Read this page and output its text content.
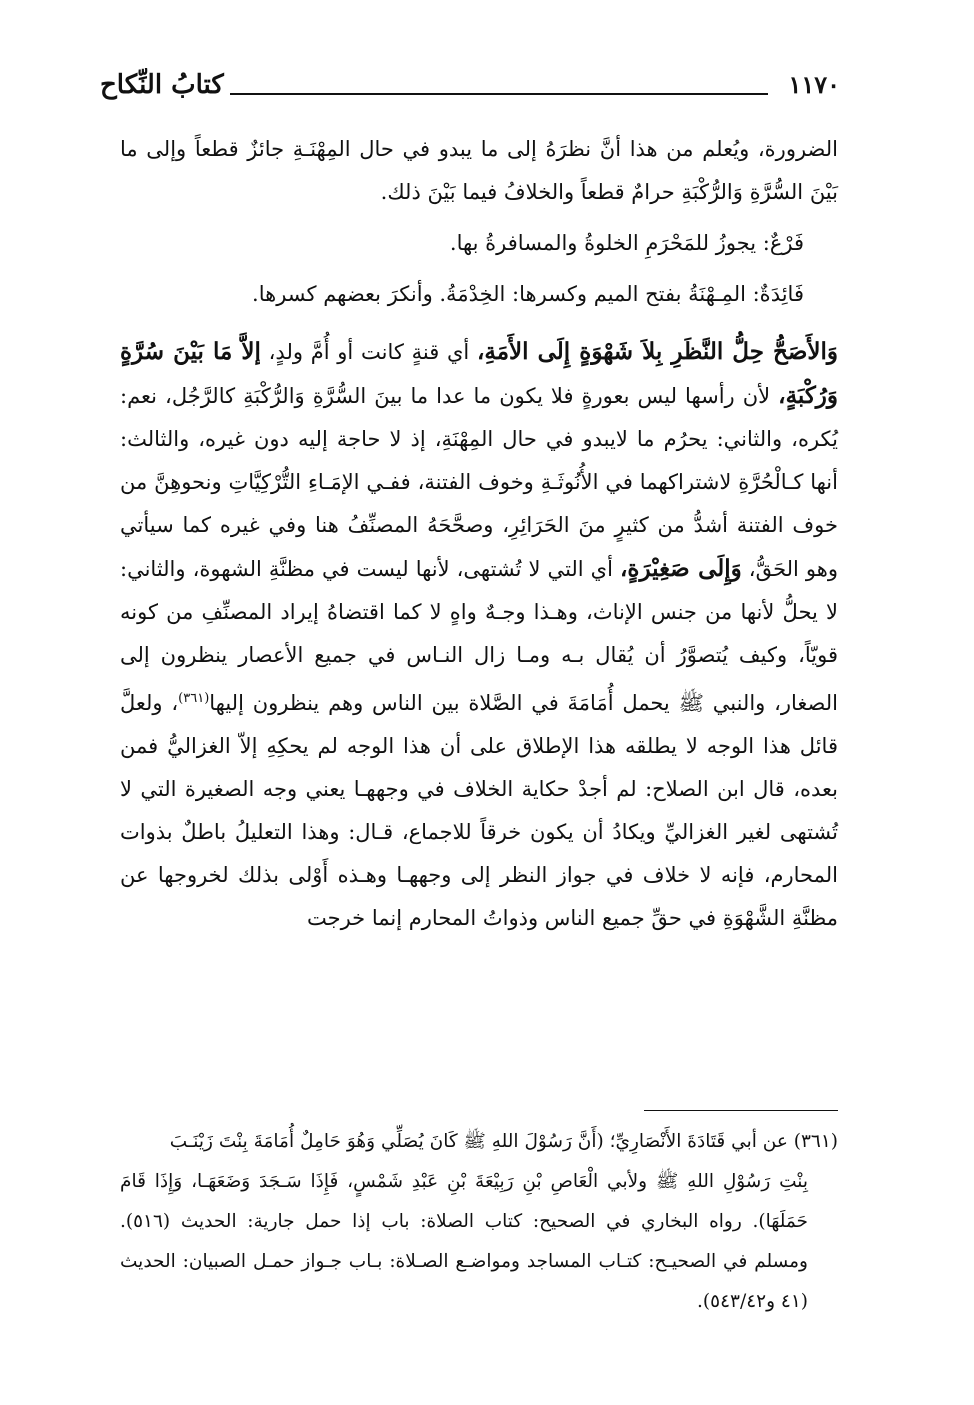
١١٧٠
كتابُ النِّكاح

الضرورة، ويُعلم من هذا أنَّ نظرَهُ إلى ما يبدو في حال المِهْنَـةِ جائزٌ قطعاً وإلى ما بَيْنَ السُّرَّةِ وَالرُّكْبَةِ حرامٌ قطعاً والخلافُ فيما بَيْنَ ذلك.

فَرْعٌ: يجوزُ للمَحْرَمِ الخلوةُ والمسافرةُ بها.

فَائِدَةٌ: المِـهْنَةُ بفتح الميم وكسرها: الخِدْمَةُ. وأنكرَ بعضهم كسرها.

وَالأَصَحُّ حِلُّ النَّظَرِ بِلاَ شَهْوَةٍ إِلَى الأَمَةِ، أي قنةٍ كانت أو أُمَّ ولدٍ، إلاَّ مَا بَيْنَ سُرَّةٍ وَرُكْبَةٍ، لأن رأسها ليس بعورةٍ فلا يكون ما عدا ما بينَ السُّرَّةِ وَالرُّكْبَةِ كالرَّجُل، نعم: يُكره، والثاني: يحرُم ما لايبدو في حال المِهْنَةِ، إذ لا حاجة إليه دون غيره، والثالث: أنها كـالْحُرَّةِ لاشتراكهما في الأُنُوثَـةِ وخوف الفتنة، ففـي الإمَـاءِ التُّرْكِيَّاتِ ونحوهِنَّ من خوف الفتنة أشدُّ من كثيرٍ منَ الحَرَائِرِ، وصحَّحَهُ المصنِّفُ هنا وفي غيره كما سيأتي وهو الحَقُّ، وَإِلَى صَغِيْرَةٍ، أي التي لا تُشتهى، لأنها ليست في مظنَّةِ الشهوة، والثاني: لا يحلُّ لأنها من جنس الإناث، وهـذا وجـهٌ واهٍ لا كما اقتضاهُ إيراد المصنِّفِ من كونه قويّاً، وكيف يُتصوَّرُ أن يُقال بـه ومـا زال النـاس في جميع الأعصار ينظرون إلى الصغار، والنبي ﷺ يحمل أُمَامَةَ في الصَّلاة بين الناس وهم ينظرون إليها$^{(٣٦١)}$، ولعلَّ قائل هذا الوجه لا يطلقه هذا الإطلاق على أن هذا الوجه لم يحكِهِ إلاّ الغزاليُّ فمن بعده، قال ابن الصلاح: لم أجدْ حكاية الخلاف في وجههـا يعني وجه الصغيرة التي لا تُشتهى لغير الغزاليِّ ويكادُ أن يكون خرقاً للاجماع، قـال: وهذا التعليلُ باطلٌ بذوات المحارم، فإنه لا خلاف في جواز النظر إلى وجههـا وهـذه أَوْلى بذلك لخروجها عن مظنَّةِ الشَّهْوَةِ في حقِّ جميع الناس وذواتُ المحارم إنما خرجت

(٣٦١) عن أبي قَتَادَةَ الأَنْصَارِيِّ؛ (أَنَّ رَسُوْلَ اللهِ ﷺ كَانَ يُصَلِّي وَهُوَ حَامِلٌ أُمَامَةَ بِنْتَ زَيْنَـبَ
بِنْتِ رَسُوْلِ اللهِ ﷺ ولأبي الْعَاصِ بْنِ رَبِيْعَةَ بْنِ عَبْدِ شَمْسٍ، فَإِذَا سَـجَدَ وَضَعَهَـا، وَإِذَا قَامَ حَمَلَهَا). رواه البخاري في الصحيح: كتاب الصلاة: باب إذا حمل جارية: الحديث (٥١٦). ومسلم في الصحيـح: كتـاب المساجد ومواضـع الصـلاة: بـاب جـواز حمـل الصبيان: الحديث (٤١ و٥٤٣/٤٢).
